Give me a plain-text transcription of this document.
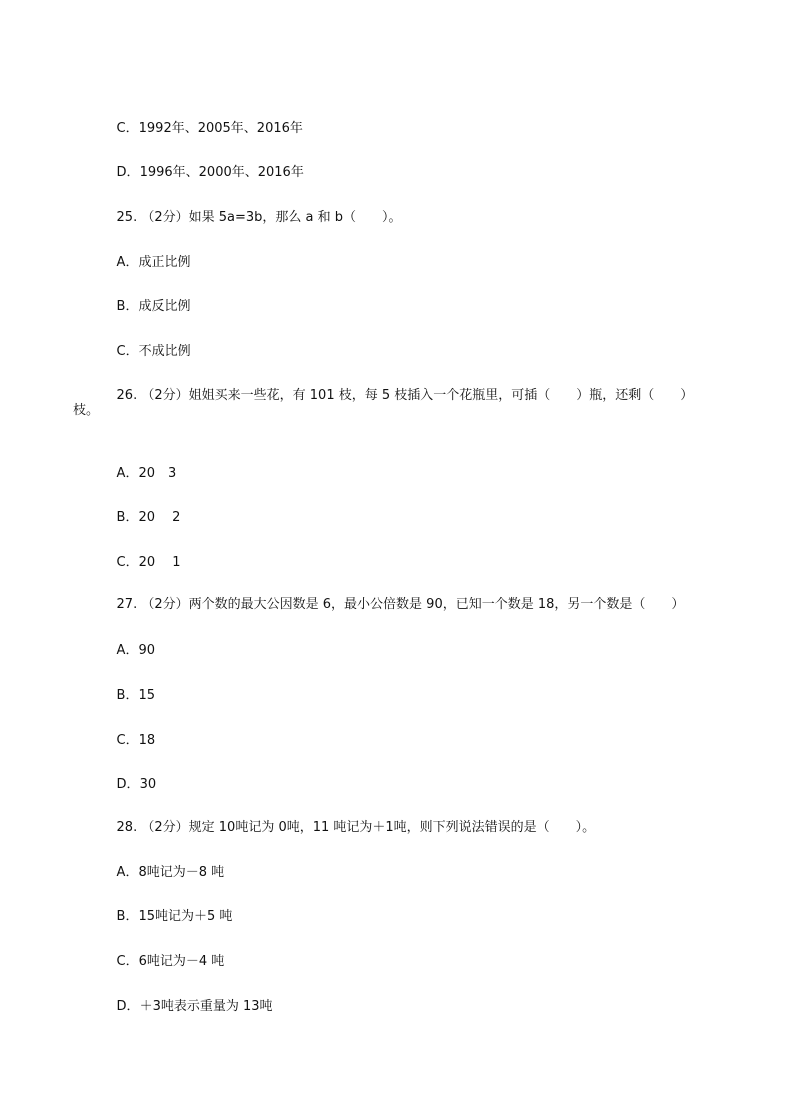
C．1992年、2005年、2016年

D．1996年、2000年、2016年

25. （2分）如果 5a=3b，那么 a 和 b（　　）。

A．成正比例

B．成反比例

C．不成比例

26. （2分）姐姐买来一些花，有 101 枝，每 5 枝插入一个花瓶里，可插（　　）瓶，还剩（　　）

枝。

A．20　3

B．20　 2

C．20　 1

27. （2分）两个数的最大公因数是 6，最小公倍数是 90，已知一个数是 18，另一个数是（　　）

A．90

B．15

C．18

D．30

28. （2分）规定 10吨记为 0吨，11 吨记为＋1吨，则下列说法错误的是（　　）。

A．8吨记为－8 吨

B．15吨记为＋5 吨

C．6吨记为－4 吨

D．＋3吨表示重量为 13吨
